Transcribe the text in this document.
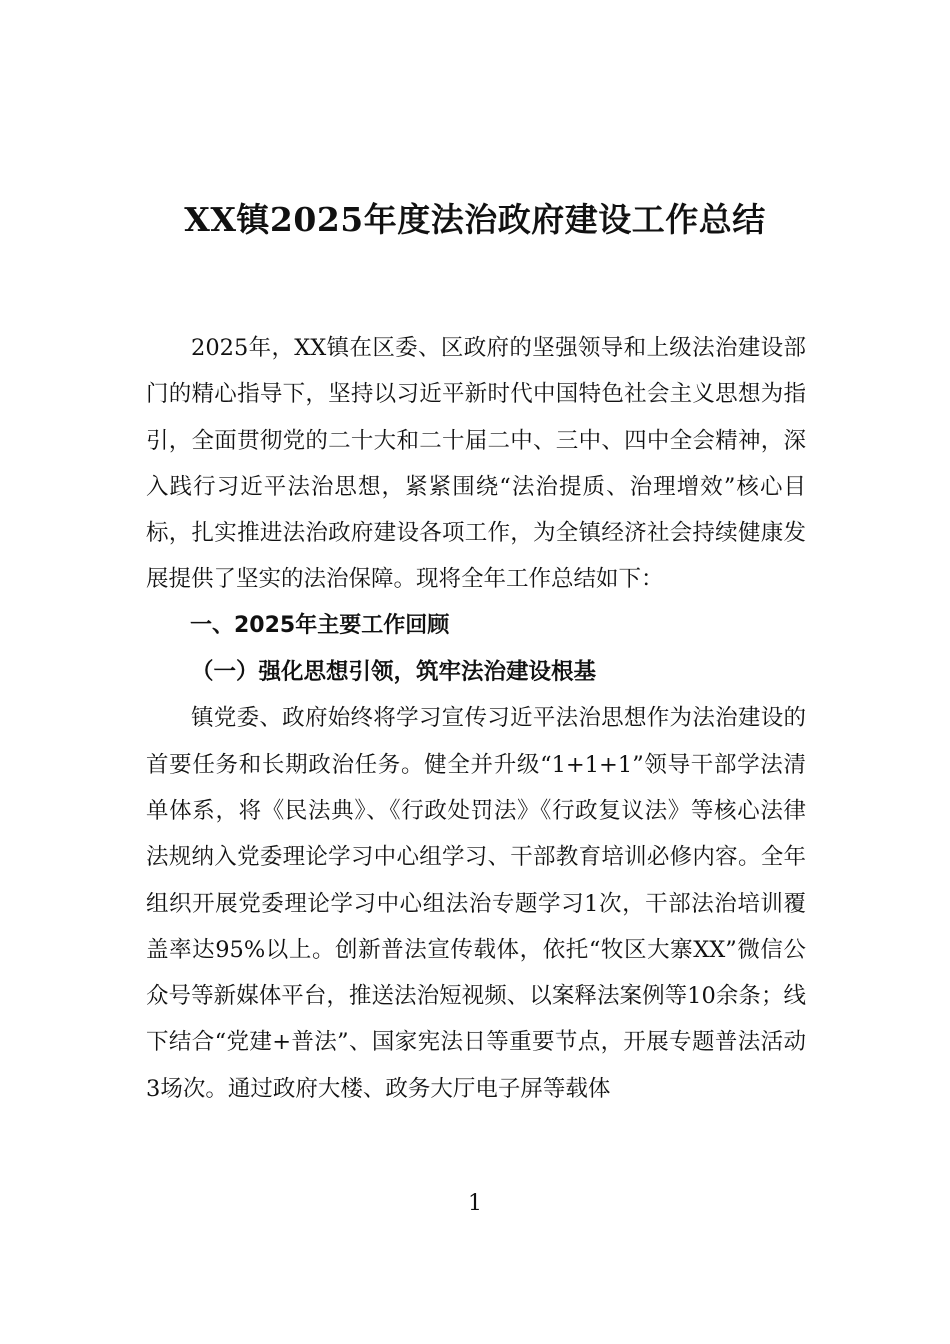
XX镇2025年度法治政府建设工作总结

2025年，XX镇在区委、区政府的坚强领导和上级法治建设部门的精心指导下，坚持以习近平新时代中国特色社会主义思想为指引，全面贯彻党的二十大和二十届二中、三中、四中全会精神，深入践行习近平法治思想，紧紧围绕“法治提质、治理增效”核心目标，扎实推进法治政府建设各项工作，为全镇经济社会持续健康发展提供了坚实的法治保障。现将全年工作总结如下：

一、2025年主要工作回顾

（一）强化思想引领，筑牢法治建设根基

镇党委、政府始终将学习宣传习近平法治思想作为法治建设的首要任务和长期政治任务。健全并升级“1+1+1”领导干部学法清单体系，将《民法典》、《行政处罚法》《行政复议法》等核心法律法规纳入党委理论学习中心组学习、干部教育培训必修内容。全年组织开展党委理论学习中心组法治专题学习1次，干部法治培训覆盖率达95%以上。创新普法宣传载体，依托“牧区大寨XX”微信公众号等新媒体平台，推送法治短视频、以案释法案例等10余条；线下结合“党建+普法”、国家宪法日等重要节点，开展专题普法活动3场次。通过政府大楼、政务大厅电子屏等载体

1
